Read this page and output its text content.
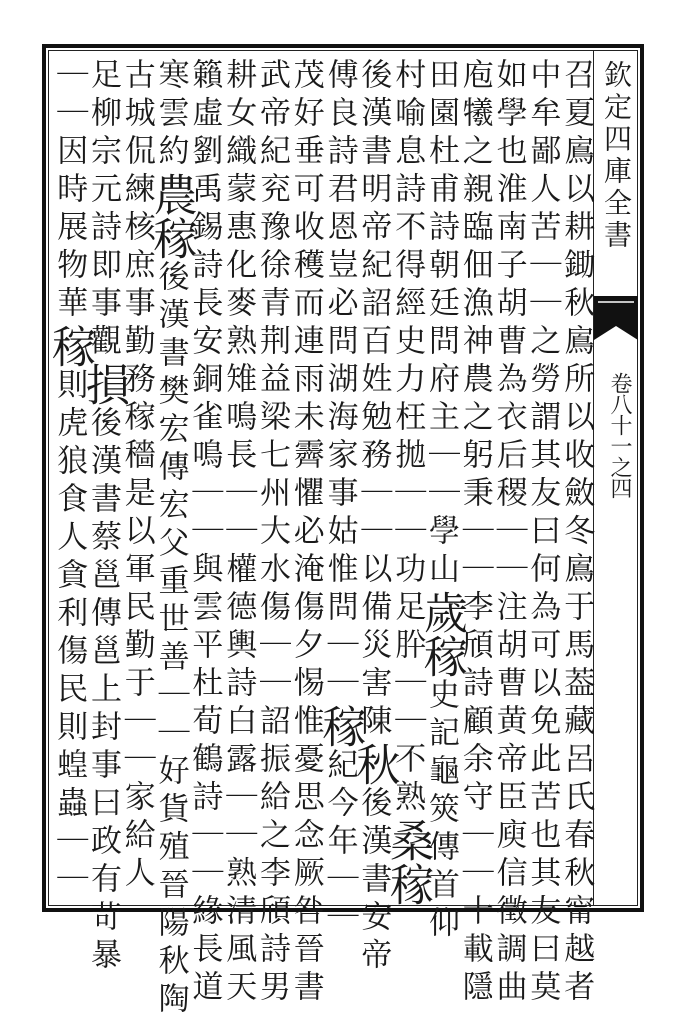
欽定四庫全書
卷八十一之四
召夏鳸以耕鋤秋鳸所以收斂冬鳸于馬葢藏呂氏春秋甯越者
中牟鄙人苦｜｜之勞謂其友曰何為可以免此苦也其友曰莫
如學也淮南子胡曹為衣后稷｜｜注胡曹黄帝臣庾信徵調曲
庖犧之親臨佃漁神農之躬秉｜｜李頎詩顧余守｜｜十載隱
田園杜甫詩朝廷問府主｜｜學山歲稼史記龜筴傳首仰
村喻息詩不得經史力枉拋｜｜功足肸｜｜不熟桑稼
後漢書明帝紀詔百姓勉務｜｜以備災害陳秋後漢書安帝
傅良詩君恩豈必問湖海家事姑惟問｜｜稼紀今年｜｜
茂好垂可收穫而連雨未霽懼必淹傷夕惕惟憂思念厥咎晉書
武帝紀兖豫徐青荆益梁七州大水傷｜｜詔振給之李頎詩男
耕女織蒙惠化麥熟雉鳴長｜｜權德輿詩白露｜｜熟清風天
籟虛劉禹錫詩長安銅雀鳴｜｜與雲平杜荀鶴詩｜｜緣長道
寒雲約農稼後漢書樊宏傳宏父重世善｜｜好貨殖晉陽秋陶
古城侃練核庶事勤務稼穡是以軍民勤于｜｜家給人
足柳宗元詩即事觀損後漢書蔡邕傳邕上封事曰政有苛暴
｜｜因時展物華稼則虎狼食人貪利傷民則蝗蟲｜｜
